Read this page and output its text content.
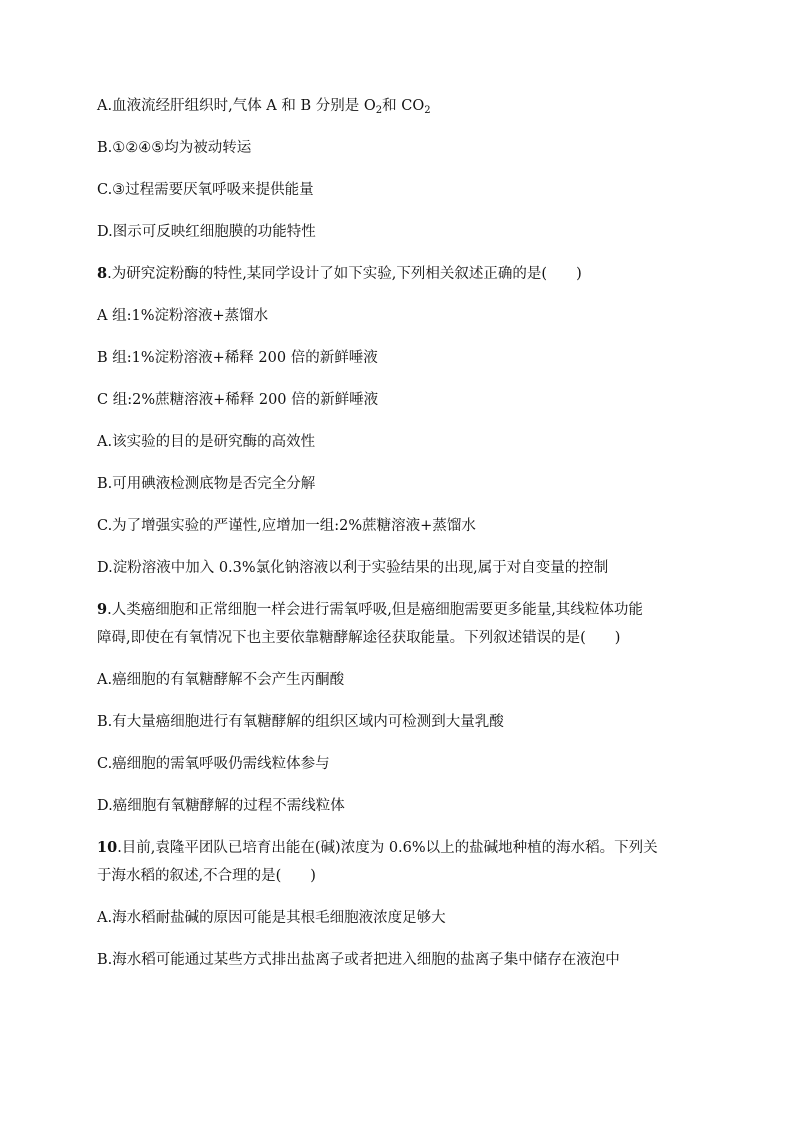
A.血液流经肝组织时,气体 A 和 B 分别是 $O_2$和 $CO_2$
B.①②④⑤均为被动转运
C.③过程需要厌氧呼吸来提供能量
D.图示可反映红细胞膜的功能特性
8.为研究淀粉酶的特性,某同学设计了如下实验,下列相关叙述正确的是(　　)
A 组:1%淀粉溶液+蒸馏水
B 组:1%淀粉溶液+稀释 200 倍的新鲜唾液
C 组:2%蔗糖溶液+稀释 200 倍的新鲜唾液
A.该实验的目的是研究酶的高效性
B.可用碘液检测底物是否完全分解
C.为了增强实验的严谨性,应增加一组:2%蔗糖溶液+蒸馏水
D.淀粉溶液中加入 0.3%氯化钠溶液以利于实验结果的出现,属于对自变量的控制
9.人类癌细胞和正常细胞一样会进行需氧呼吸,但是癌细胞需要更多能量,其线粒体功能
障碍,即使在有氧情况下也主要依靠糖酵解途径获取能量。下列叙述错误的是(　　)
A.癌细胞的有氧糖酵解不会产生丙酮酸
B.有大量癌细胞进行有氧糖酵解的组织区域内可检测到大量乳酸
C.癌细胞的需氧呼吸仍需线粒体参与
D.癌细胞有氧糖酵解的过程不需线粒体
10.目前,袁隆平团队已培育出能在(碱)浓度为 0.6%以上的盐碱地种植的海水稻。下列关
于海水稻的叙述,不合理的是(　　)
A.海水稻耐盐碱的原因可能是其根毛细胞液浓度足够大
B.海水稻可能通过某些方式排出盐离子或者把进入细胞的盐离子集中储存在液泡中
